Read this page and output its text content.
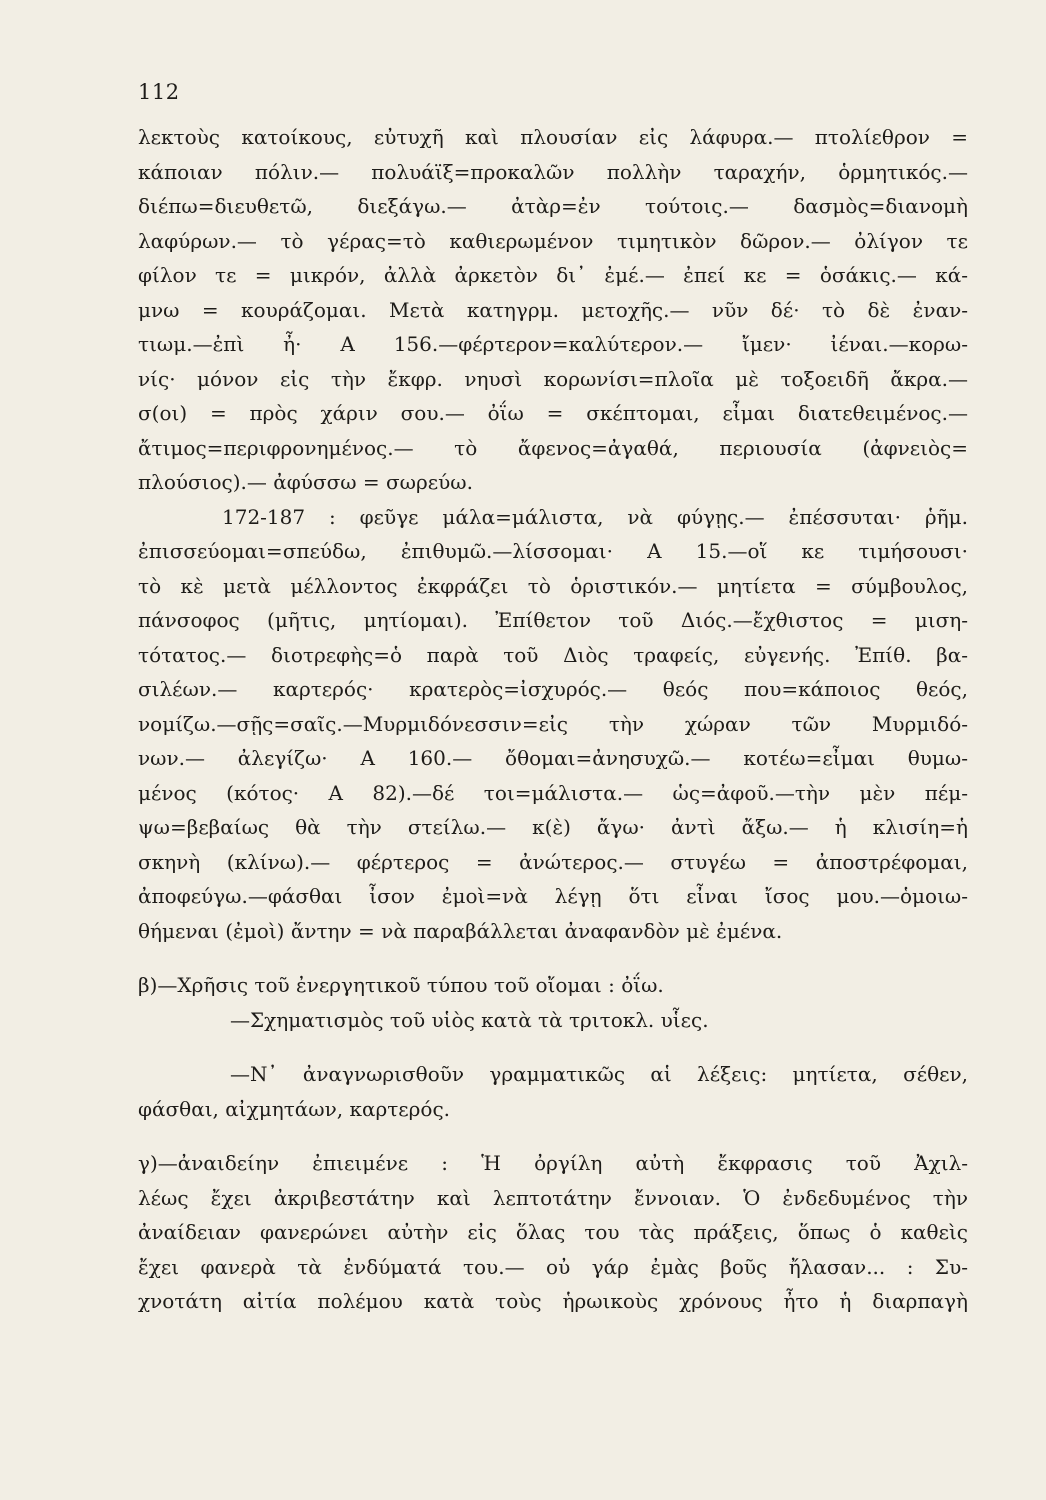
112
λεκτοὺς κατοίκους, εὐτυχῆ καὶ πλουσίαν εἰς λάφυρα.— πτολίεθρον =
κάποιαν πόλιν.— πολυάϊξ=προκαλῶν πολλὴν ταραχήν, ὁρμητικός.—
διέπω=διευθετῶ, διεξάγω.— ἀτὰρ=ἐν τούτοις.— δασμὸς=διανομὴ
λαφύρων.— τὸ γέρας=τὸ καθιερωμένον τιμητικὸν δῶρον.— ὀλίγον τε
φίλον τε = μικρόν, ἀλλὰ ἀρκετὸν δι᾽ ἐμέ.— ἐπεί κε = ὁσάκις.— κά-
μνω = κουράζομαι. Μετὰ κατηγρμ. μετοχῆς.— νῦν δέ· τὸ δὲ ἐναν-
τιωμ.—ἐπὶ ἦ· Α 156.—φέρτερον=καλύτερον.— ἴμεν· ἰέναι.—κορω-
νίς· μόνον εἰς τὴν ἔκφρ. νηυσὶ κορωνίσι=πλοῖα μὲ τοξοειδῆ ἄκρα.—
σ(οι) = πρὸς χάριν σου.— ὀΐω = σκέπτομαι, εἶμαι διατεθειμένος.—
ἄτιμος=περιφρονημένος.— τὸ ἄφενος=ἀγαθά, περιουσία (ἀφνειὸς=
πλούσιος).— ἀφύσσω = σωρεύω.
172-187 : φεῦγε μάλα=μάλιστα, νὰ φύγῃς.— ἐπέσσυται· ῥῆμ.
ἐπισσεύομαι=σπεύδω, ἐπιθυμῶ.—λίσσομαι· Α 15.—οἵ κε τιμήσουσι·
τὸ κὲ μετὰ μέλλοντος ἐκφράζει τὸ ὁριστικόν.— μητίετα = σύμβουλος,
πάνσοφος (μῆτις, μητίομαι). Ἐπίθετον τοῦ Διός.—ἔχθιστος = μιση-
τότατος.— διοτρεφὴς=ὁ παρὰ τοῦ Διὸς τραφείς, εὐγενής. Ἐπίθ. βα-
σιλέων.— καρτερός· κρατερὸς=ἰσχυρός.— θεός που=κάποιος θεός,
νομίζω.—σῇς=σαῖς.—Μυρμιδόνεσσιν=εἰς τὴν χώραν τῶν Μυρμιδό-
νων.— ἀλεγίζω· Α 160.— ὄθομαι=ἀνησυχῶ.— κοτέω=εἶμαι θυμω-
μένος (κότος· Α 82).—δέ τοι=μάλιστα.— ὡς=ἀφοῦ.—τὴν μὲν πέμ-
ψω=βεβαίως θὰ τὴν στείλω.— κ(ὲ) ἄγω· ἀντὶ ἄξω.— ἡ κλισίη=ἡ
σκηνὴ (κλίνω).— φέρτερος = ἀνώτερος.— στυγέω = ἀποστρέφομαι,
ἀποφεύγω.—φάσθαι ἶσον ἐμοὶ=νὰ λέγῃ ὅτι εἶναι ἴσος μου.—ὁμοιω-
θήμεναι (ἐμοὶ) ἄντην = νὰ παραβάλλεται ἀναφανδὸν μὲ ἐμένα.
β)—Χρῆσις τοῦ ἐνεργητικοῦ τύπου τοῦ οἴομαι : ὀΐω.
—Σχηματισμὸς τοῦ υἱὸς κατὰ τὰ τριτοκλ. υἷες.
—Ν᾽ ἀναγνωρισθοῦν γραμματικῶς αἱ λέξεις: μητίετα, σέθεν,
φάσθαι, αἰχμητάων, καρτερός.
γ)—ἀναιδείην ἐπιειμένε : Ἡ ὀργίλη αὐτὴ ἔκφρασις τοῦ Ἀχιλ-
λέως ἔχει ἀκριβεστάτην καὶ λεπτοτάτην ἔννοιαν. Ὁ ἐνδεδυμένος τὴν
ἀναίδειαν φανερώνει αὐτὴν εἰς ὅλας του τὰς πράξεις, ὅπως ὁ καθεὶς
ἔχει φανερὰ τὰ ἐνδύματά του.— οὐ γάρ ἐμὰς βοῦς ἤλασαν... : Συ-
χνοτάτη αἰτία πολέμου κατὰ τοὺς ἡρωικοὺς χρόνους ἦτο ἡ διαρπαγὴ
